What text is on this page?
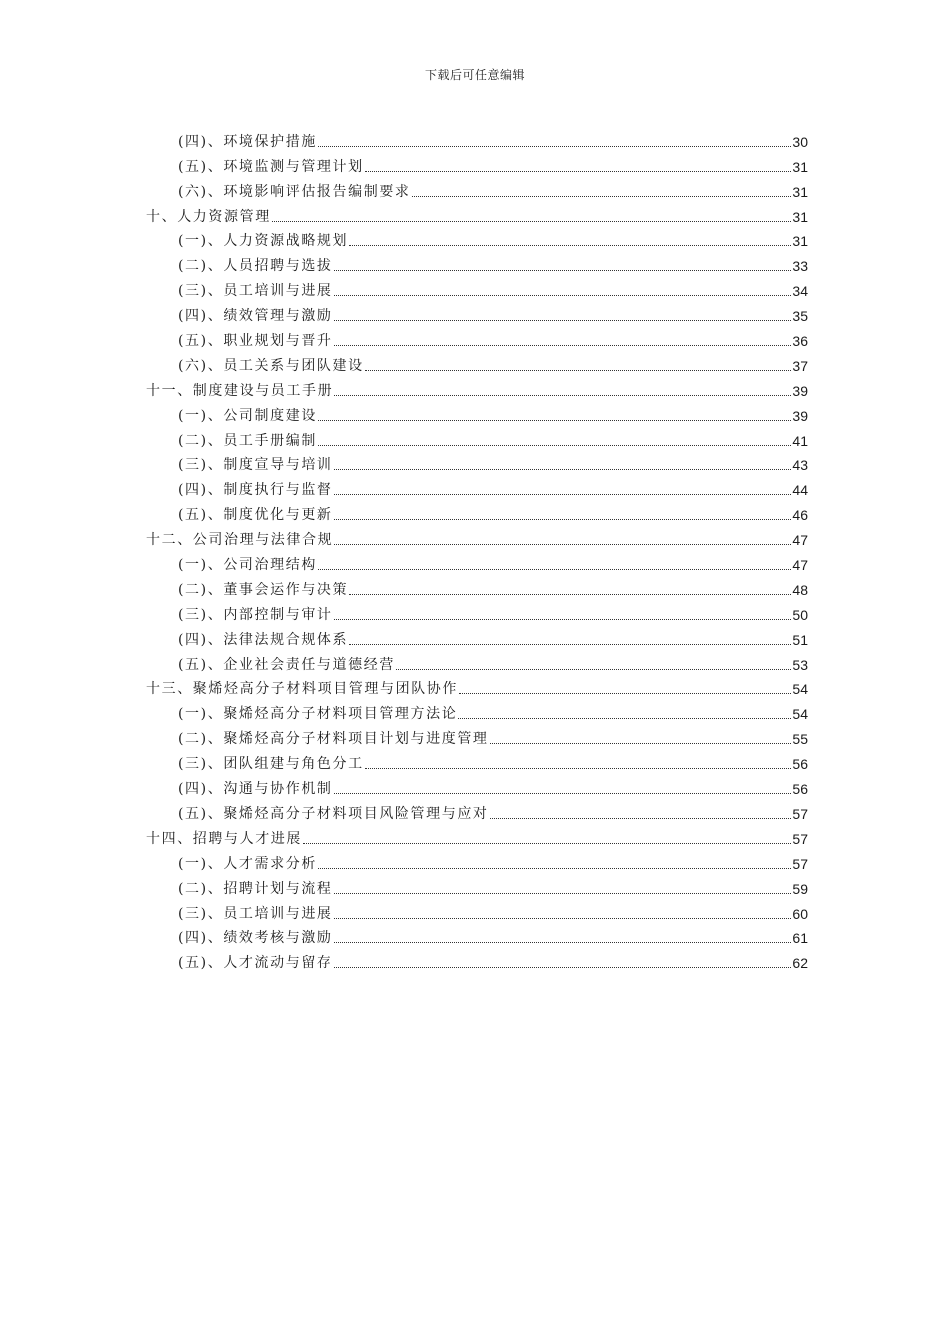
下载后可任意编辑
(四)、环境保护措施	30
(五)、环境监测与管理计划	31
(六)、环境影响评估报告编制要求	31
十、人力资源管理	31
(一)、人力资源战略规划	31
(二)、人员招聘与选拔	33
(三)、员工培训与进展	34
(四)、绩效管理与激励	35
(五)、职业规划与晋升	36
(六)、员工关系与团队建设	37
十一、制度建设与员工手册	39
(一)、公司制度建设	39
(二)、员工手册编制	41
(三)、制度宣导与培训	43
(四)、制度执行与监督	44
(五)、制度优化与更新	46
十二、公司治理与法律合规	47
(一)、公司治理结构	47
(二)、董事会运作与决策	48
(三)、内部控制与审计	50
(四)、法律法规合规体系	51
(五)、企业社会责任与道德经营	53
十三、聚烯烃高分子材料项目管理与团队协作	54
(一)、聚烯烃高分子材料项目管理方法论	54
(二)、聚烯烃高分子材料项目计划与进度管理	55
(三)、团队组建与角色分工	56
(四)、沟通与协作机制	56
(五)、聚烯烃高分子材料项目风险管理与应对	57
十四、招聘与人才进展	57
(一)、人才需求分析	57
(二)、招聘计划与流程	59
(三)、员工培训与进展	60
(四)、绩效考核与激励	61
(五)、人才流动与留存	62
